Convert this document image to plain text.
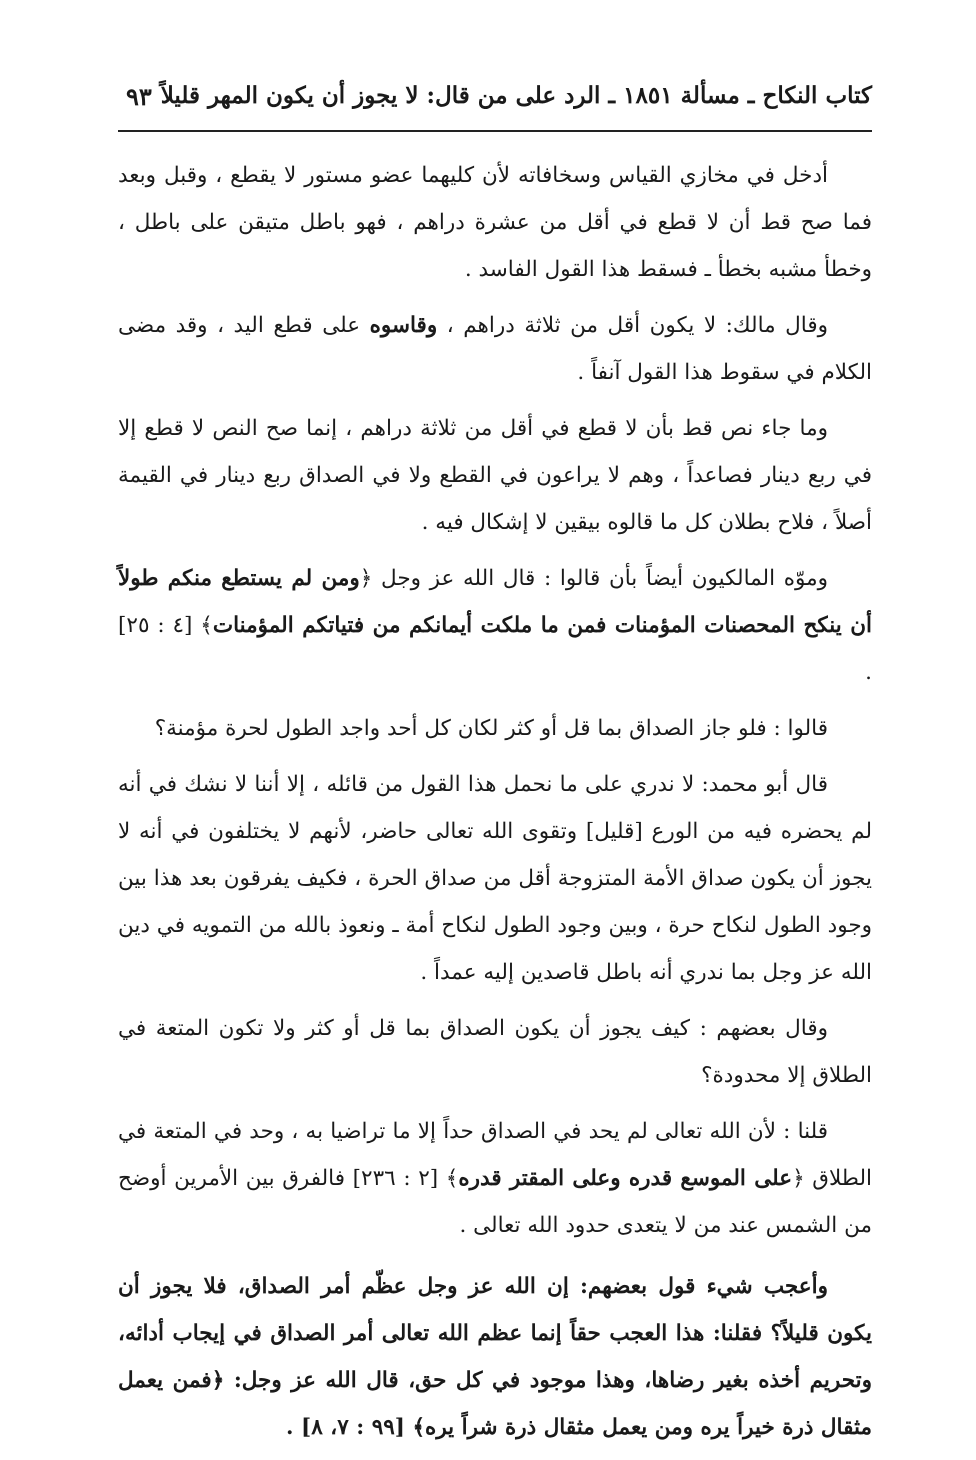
كتاب النكاح ـ مسألة ١٨٥١ ـ الرد على من قال: لا يجوز أن يكون المهر قليلاً
٩٣

أدخل في مخازي القياس وسخافاته لأن كليهما عضو مستور لا يقطع ، وقبل وبعد فما صح قط أن لا قطع في أقل من عشرة دراهم ، فهو باطل متيقن على باطل ، وخطأ مشبه بخطأ ـ فسقط هذا القول الفاسد .

وقال مالك: لا يكون أقل من ثلاثة دراهم ، وقاسوه على قطع اليد ، وقد مضى الكلام في سقوط هذا القول آنفاً .

وما جاء نص قط بأن لا قطع في أقل من ثلاثة دراهم ، إنما صح النص لا قطع إلا في ربع دينار فصاعداً ، وهم لا يراعون في القطع ولا في الصداق ربع دينار في القيمة أصلاً ، فلاح بطلان كل ما قالوه بيقين لا إشكال فيه .

وموّه المالكيون أيضاً بأن قالوا : قال الله عز وجل ﴿ومن لم يستطع منكم طولاً أن ينكح المحصنات المؤمنات فمن ما ملكت أيمانكم من فتياتكم المؤمنات﴾ [٤ : ٢٥] .

قالوا : فلو جاز الصداق بما قل أو كثر لكان كل أحد واجد الطول لحرة مؤمنة؟

قال أبو محمد: لا ندري على ما نحمل هذا القول من قائله ، إلا أننا لا نشك في أنه لم يحضره فيه من الورع [قليل] وتقوى الله تعالى حاضر، لأنهم لا يختلفون في أنه لا يجوز أن يكون صداق الأمة المتزوجة أقل من صداق الحرة ، فكيف يفرقون بعد هذا بين وجود الطول لنكاح حرة ، وبين وجود الطول لنكاح أمة ـ ونعوذ بالله من التمويه في دين الله عز وجل بما ندري أنه باطل قاصدين إليه عمداً .

وقال بعضهم : كيف يجوز أن يكون الصداق بما قل أو كثر ولا تكون المتعة في الطلاق إلا محدودة؟

قلنا : لأن الله تعالى لم يحد في الصداق حداً إلا ما تراضيا به ، وحد في المتعة في الطلاق ﴿على الموسع قدره وعلى المقتر قدره﴾ [٢ : ٢٣٦] فالفرق بين الأمرين أوضح من الشمس عند من لا يتعدى حدود الله تعالى .

وأعجب شيء قول بعضهم: إن الله عز وجل عظّم أمر الصداق، فلا يجوز أن يكون قليلاً؟ فقلنا: هذا العجب حقاً إنما عظم الله تعالى أمر الصداق في إيجاب أدائه، وتحريم أخذه بغير رضاها، وهذا موجود في كل حق، قال الله عز وجل: ﴿فمن يعمل مثقال ذرة خيراً يره ومن يعمل مثقال ذرة شراً يره﴾ [٩٩ : ٧، ٨] .
